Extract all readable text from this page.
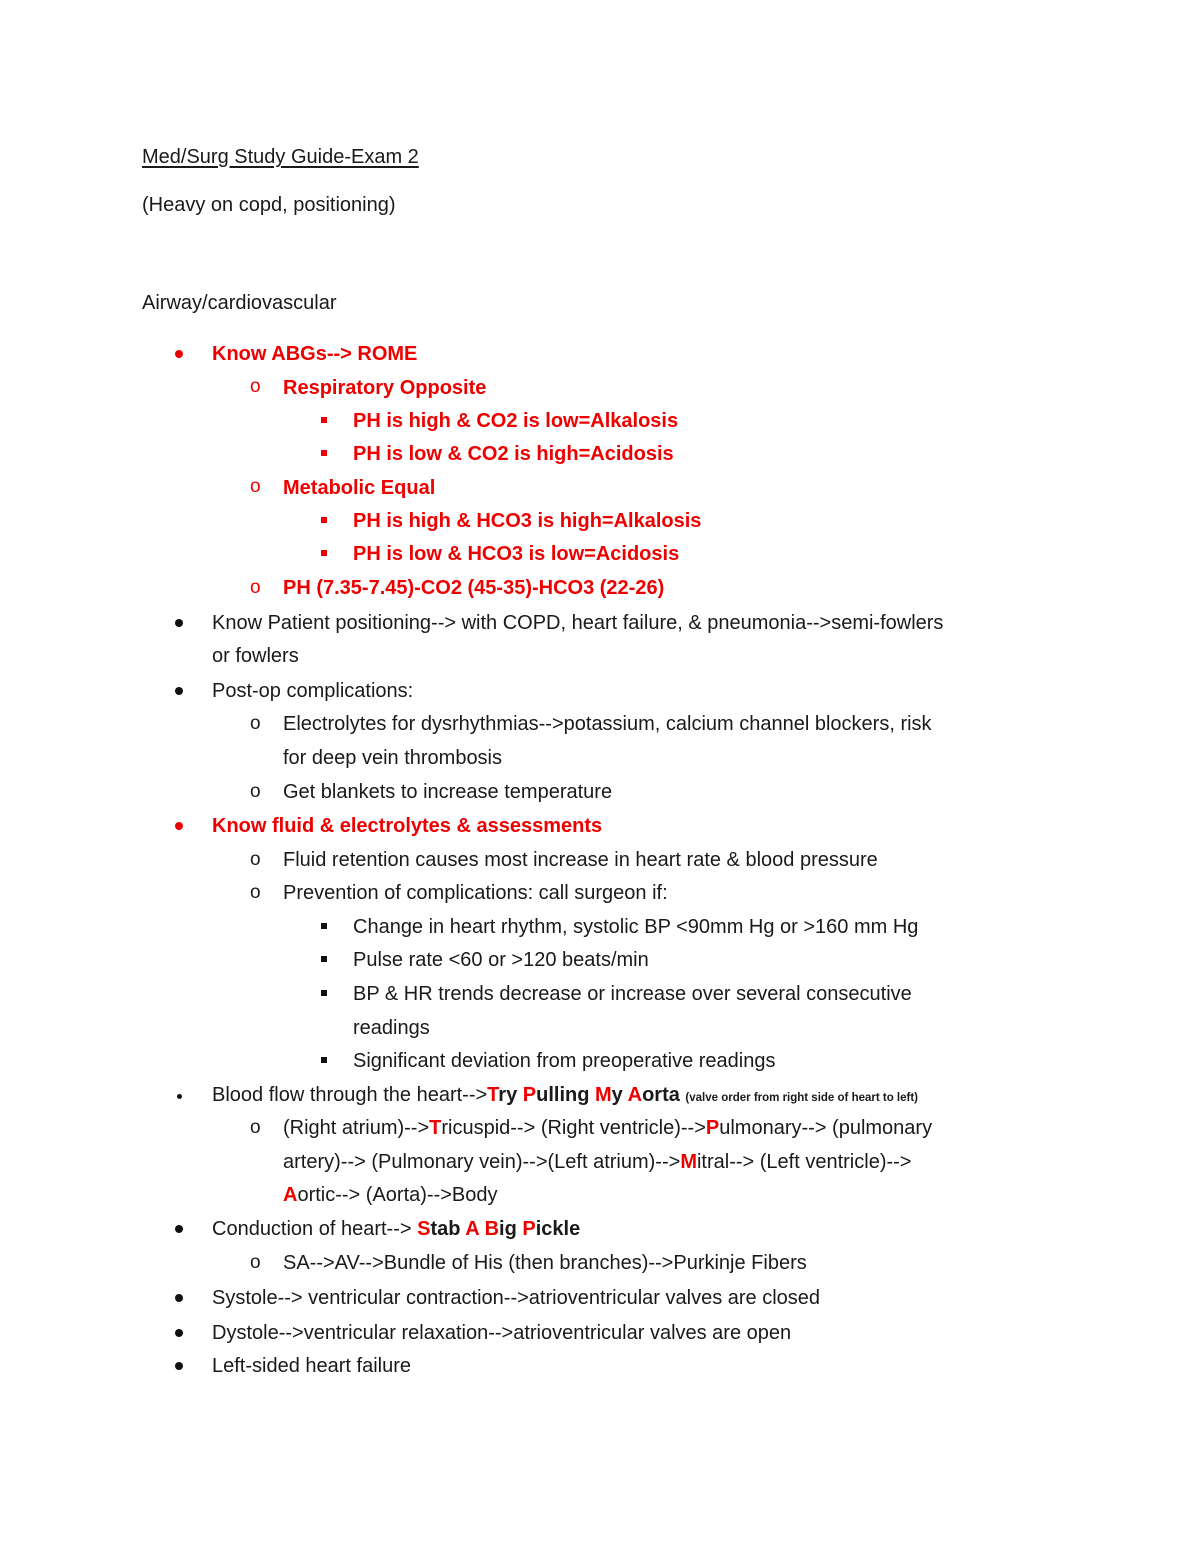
Med/Surg Study Guide-Exam 2
(Heavy on copd, positioning)
Airway/cardiovascular
Know ABGs--> ROME
o Respiratory Opposite
PH is high & CO2 is low=Alkalosis
PH is low & CO2 is high=Acidosis
o Metabolic Equal
PH is high & HCO3 is high=Alkalosis
PH is low & HCO3 is low=Acidosis
o PH (7.35-7.45)-CO2 (45-35)-HCO3 (22-26)
Know Patient positioning--> with COPD, heart failure, & pneumonia-->semi-fowlers
or fowlers
Post-op complications:
o Electrolytes for dysrhythmias-->potassium, calcium channel blockers, risk
for deep vein thrombosis
o Get blankets to increase temperature
Know fluid & electrolytes & assessments
o Fluid retention causes most increase in heart rate & blood pressure
o Prevention of complications: call surgeon if:
Change in heart rhythm, systolic BP <90mm Hg or >160 mm Hg
Pulse rate <60 or >120 beats/min
BP & HR trends decrease or increase over several consecutive
readings
Significant deviation from preoperative readings
Blood flow through the heart-->Try Pulling My Aorta (valve order from right side of heart to left)
o (Right atrium)-->Tricuspid--> (Right ventricle)-->Pulmonary--> (pulmonary
artery)--> (Pulmonary vein)-->(Left atrium)-->Mitral--> (Left ventricle)-->
Aortic--> (Aorta)-->Body
Conduction of heart--> Stab A Big Pickle
o SA-->AV-->Bundle of His (then branches)-->Purkinje Fibers
Systole--> ventricular contraction-->atrioventricular valves are closed
Dystole-->ventricular relaxation-->atrioventricular valves are open
Left-sided heart failure
